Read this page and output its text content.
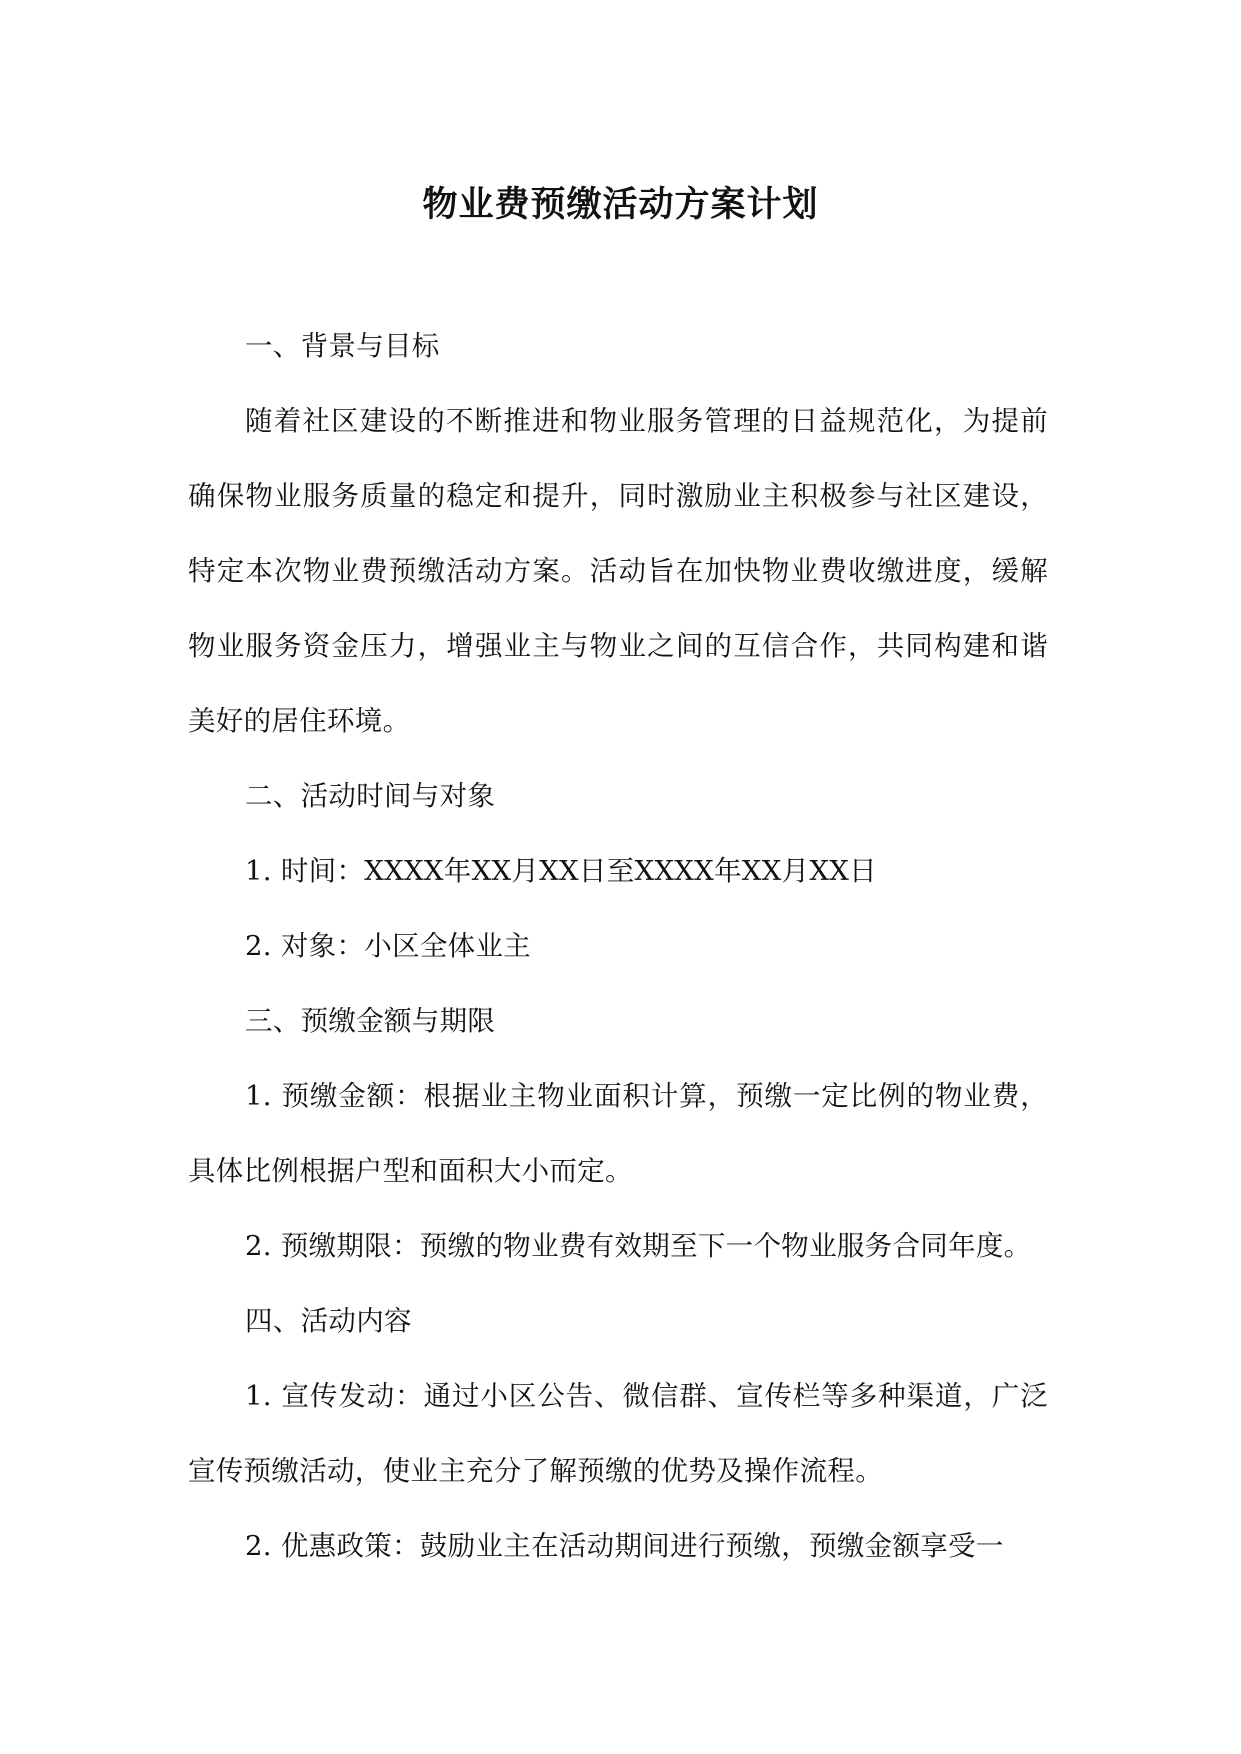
物业费预缴活动方案计划

一、背景与目标

随着社区建设的不断推进和物业服务管理的日益规范化，为提前确保物业服务质量的稳定和提升，同时激励业主积极参与社区建设，特定本次物业费预缴活动方案。活动旨在加快物业费收缴进度，缓解物业服务资金压力，增强业主与物业之间的互信合作，共同构建和谐美好的居住环境。

二、活动时间与对象

1. 时间：XXXX年XX月XX日至XXXX年XX月XX日

2. 对象：小区全体业主

三、预缴金额与期限

1. 预缴金额：根据业主物业面积计算，预缴一定比例的物业费，具体比例根据户型和面积大小而定。

2. 预缴期限：预缴的物业费有效期至下一个物业服务合同年度。

四、活动内容

1. 宣传发动：通过小区公告、微信群、宣传栏等多种渠道，广泛宣传预缴活动，使业主充分了解预缴的优势及操作流程。

2. 优惠政策：鼓励业主在活动期间进行预缴，预缴金额享受一
